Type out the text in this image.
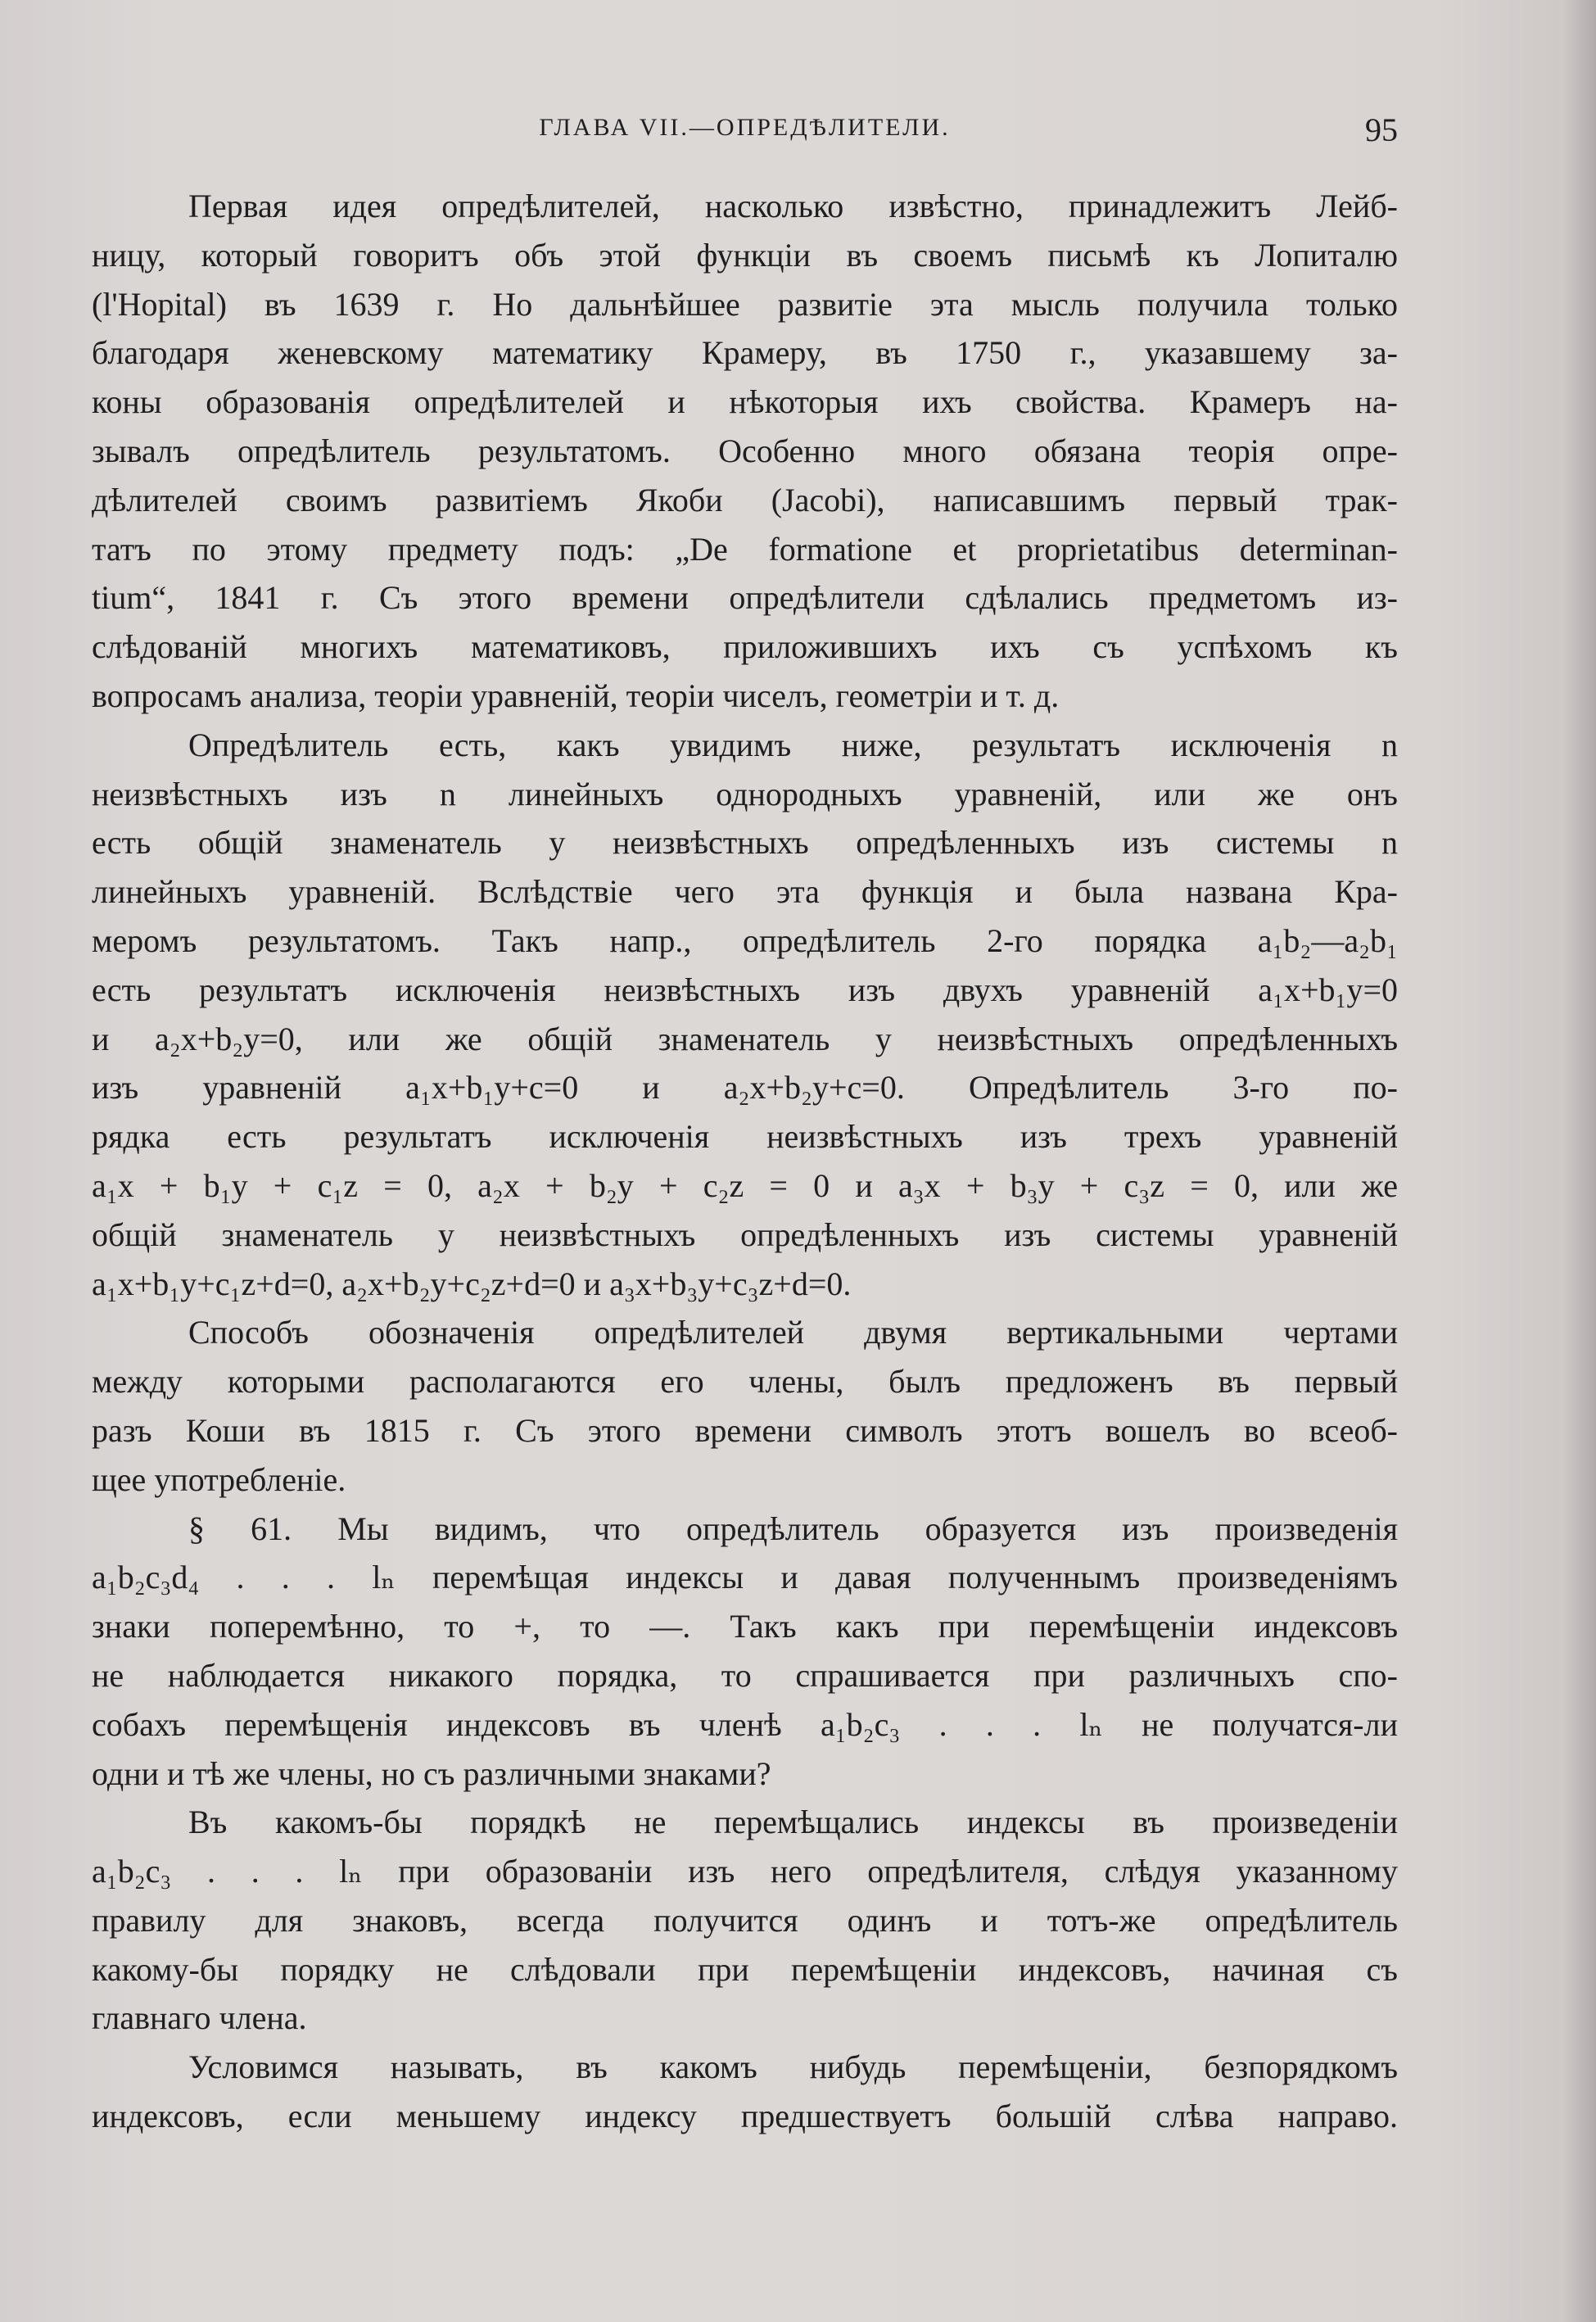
ГЛАВА VII.—ОПРЕДѢЛИТЕЛИ.	95
Первая идея опредѣлителей, насколько извѣстно, принадлежитъ Лейб-
ницу, который говоритъ объ этой функціи въ своемъ письмѣ къ Лопиталю
(l'Hopital) въ 1639 г. Но дальнѣйшее развитіе эта мысль получила только
благодаря женевскому математику Крамеру, въ 1750 г., указавшему за-
коны образованія опредѣлителей и нѣкоторыя ихъ свойства. Крамеръ на-
зывалъ опредѣлитель результатомъ. Особенно много обязана теорія опре-
дѣлителей своимъ развитіемъ Якоби (Jacobi), написавшимъ первый трак-
татъ по этому предмету подъ: „De formatione et proprietatibus determinan-
tium“, 1841 г. Съ этого времени опредѣлители сдѣлались предметомъ из-
слѣдованій многихъ математиковъ, приложившихъ ихъ съ успѣхомъ къ
вопросамъ анализа, теоріи уравненій, теоріи чиселъ, геометріи и т. д.
Опредѣлитель есть, какъ увидимъ ниже, результатъ исключенія n
неизвѣстныхъ изъ n линейныхъ однородныхъ уравненій, или же онъ
есть общій знаменатель у неизвѣстныхъ опредѣленныхъ изъ системы n
линейныхъ уравненій. Вслѣдствіе чего эта функція и была названа Кра-
меромъ результатомъ. Такъ напр., опредѣлитель 2-го порядка a₁b₂—a₂b₁
есть результатъ исключенія неизвѣстныхъ изъ двухъ уравненій a₁x+b₁y=0
и a₂x+b₂y=0, или же общій знаменатель у неизвѣстныхъ опредѣленныхъ
изъ уравненій a₁x+b₁y+c=0 и a₂x+b₂y+c=0. Опредѣлитель 3-го по-
рядка есть результатъ исключенія неизвѣстныхъ изъ трехъ уравненій
a₁x + b₁y + c₁z = 0, a₂x + b₂y + c₂z = 0 и a₃x + b₃y + c₃z = 0, или же
общій знаменатель у неизвѣстныхъ опредѣленныхъ изъ системы уравненій
a₁x+b₁y+c₁z+d=0, a₂x+b₂y+c₂z+d=0 и a₃x+b₃y+c₃z+d=0.
Способъ обозначенія опредѣлителей двумя вертикальными чертами
между которыми располагаются его члены, былъ предложенъ въ первый
разъ Коши въ 1815 г. Съ этого времени символъ этотъ вошелъ во всеоб-
щее употребленіе.
§ 61. Мы видимъ, что опредѣлитель образуется изъ произведенія
a₁b₂c₃d₄ . . . lₙ перемѣщая индексы и давая полученнымъ произведеніямъ
знаки поперемѣнно, то +, то —. Такъ какъ при перемѣщеніи индексовъ
не наблюдается никакого порядка, то спрашивается при различныхъ спо-
собахъ перемѣщенія индексовъ въ членѣ a₁b₂c₃ . . . lₙ не получатся-ли
одни и тѣ же члены, но съ различными знаками?
Въ какомъ-бы порядкѣ не перемѣщались индексы въ произведеніи
a₁b₂c₃ . . . lₙ при образованіи изъ него опредѣлителя, слѣдуя указанному
правилу для знаковъ, всегда получится одинъ и тотъ-же опредѣлитель
какому-бы порядку не слѣдовали при перемѣщеніи индексовъ, начиная съ
главнаго члена.
Условимся называть, въ какомъ нибудь перемѣщеніи, безпорядкомъ
индексовъ, если меньшему индексу предшествуетъ большій слѣва направо.
